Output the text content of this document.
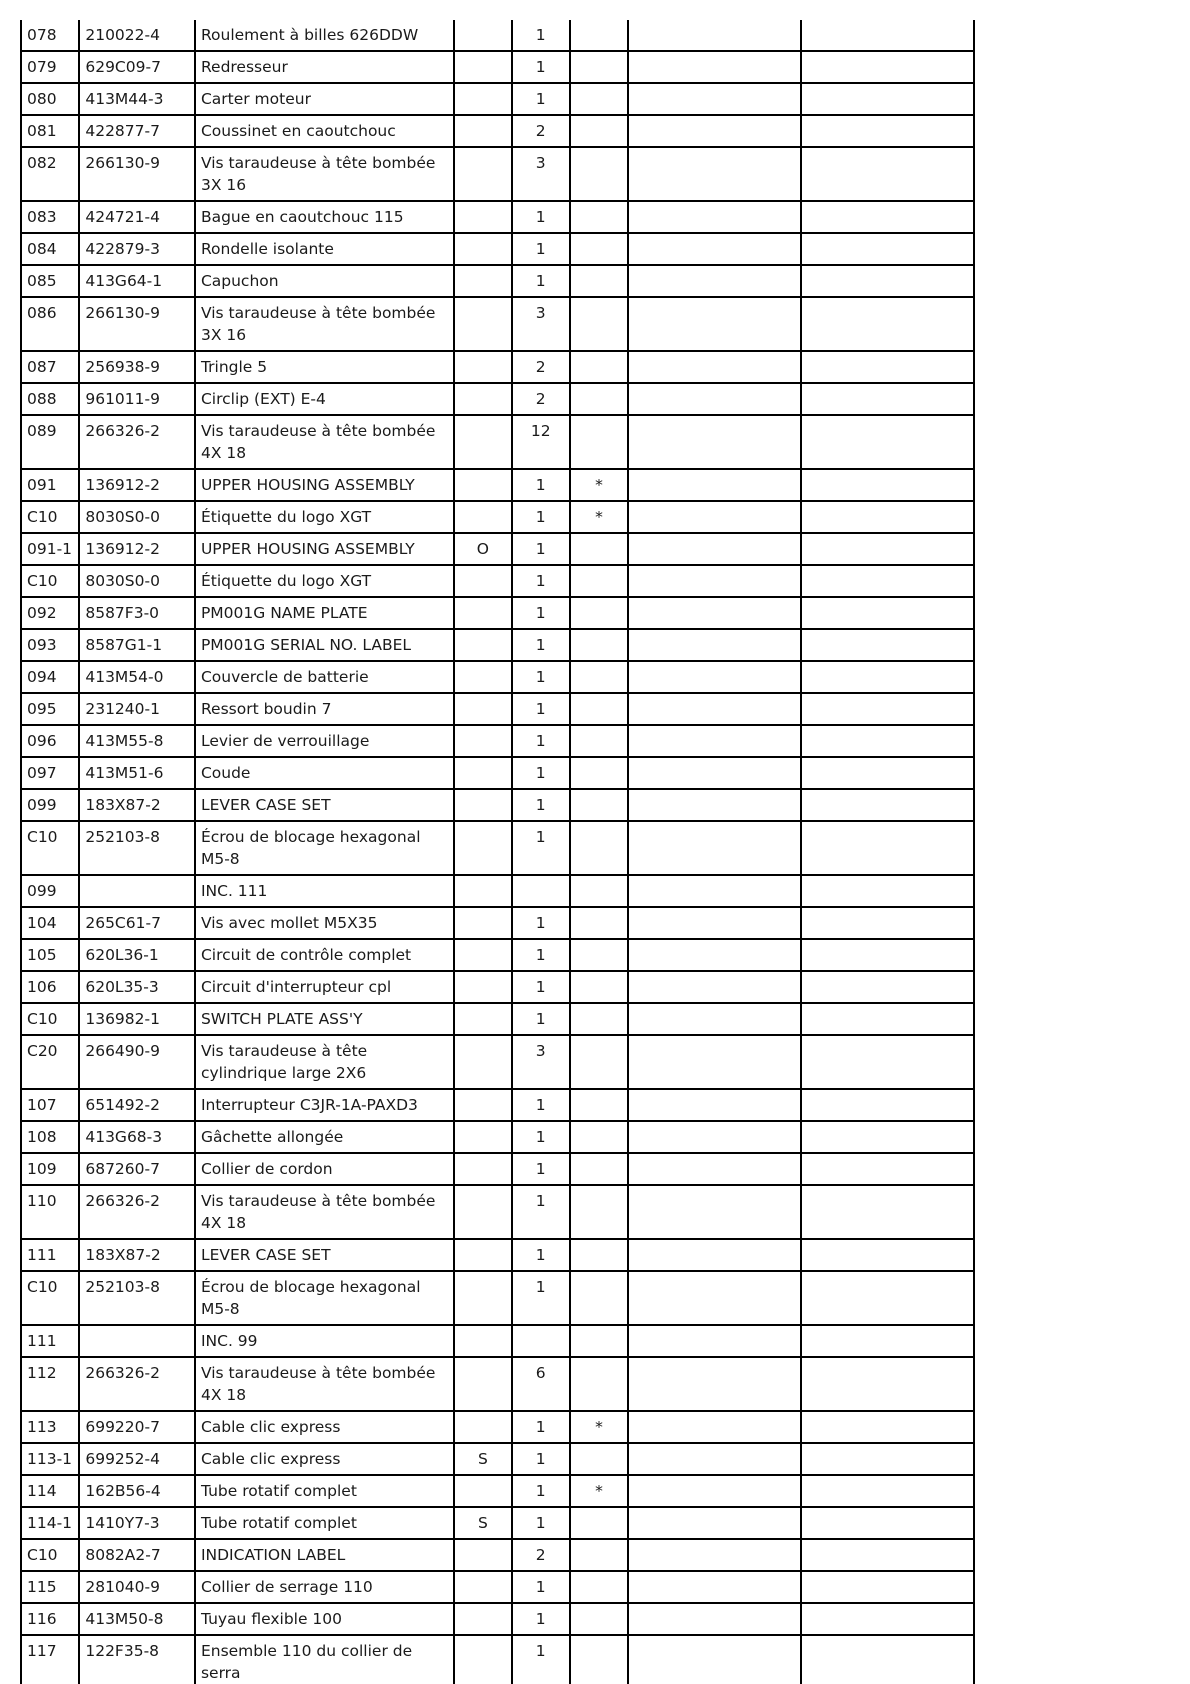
078	210022-4	Roulement à billes 626DDW		1			
079	629C09-7	Redresseur		1			
080	413M44-3	Carter moteur		1			
081	422877-7	Coussinet en caoutchouc		2			
082	266130-9	Vis taraudeuse à tête bombée 3X 16		3			
083	424721-4	Bague en caoutchouc 115		1			
084	422879-3	Rondelle isolante		1			
085	413G64-1	Capuchon		1			
086	266130-9	Vis taraudeuse à tête bombée 3X 16		3			
087	256938-9	Tringle 5		2			
088	961011-9	Circlip (EXT) E-4		2			
089	266326-2	Vis taraudeuse à tête bombée 4X 18		12			
091	136912-2	UPPER HOUSING ASSEMBLY		1	*		
C10	8030S0-0	Étiquette du logo XGT		1	*		
091-1	136912-2	UPPER HOUSING ASSEMBLY	O	1			
C10	8030S0-0	Étiquette du logo XGT		1			
092	8587F3-0	PM001G NAME PLATE		1			
093	8587G1-1	PM001G SERIAL NO. LABEL		1			
094	413M54-0	Couvercle de batterie		1			
095	231240-1	Ressort boudin 7		1			
096	413M55-8	Levier de verrouillage		1			
097	413M51-6	Coude		1			
099	183X87-2	LEVER CASE SET		1			
C10	252103-8	Écrou de blocage hexagonal M5-8		1			
099		INC. 111					
104	265C61-7	Vis avec mollet M5X35		1			
105	620L36-1	Circuit de contrôle complet		1			
106	620L35-3	Circuit d'interrupteur cpl		1			
C10	136982-1	SWITCH PLATE ASS'Y		1			
C20	266490-9	Vis taraudeuse à tête cylindrique large 2X6		3			
107	651492-2	Interrupteur C3JR-1A-PAXD3		1			
108	413G68-3	Gâchette allongée		1			
109	687260-7	Collier de cordon		1			
110	266326-2	Vis taraudeuse à tête bombée 4X 18		1			
111	183X87-2	LEVER CASE SET		1			
C10	252103-8	Écrou de blocage hexagonal M5-8		1			
111		INC. 99					
112	266326-2	Vis taraudeuse à tête bombée 4X 18		6			
113	699220-7	Cable clic express		1	*		
113-1	699252-4	Cable clic express	S	1			
114	162B56-4	Tube rotatif complet		1	*		
114-1	1410Y7-3	Tube rotatif complet	S	1			
C10	8082A2-7	INDICATION LABEL		2			
115	281040-9	Collier de serrage 110		1			
116	413M50-8	Tuyau flexible 100		1			
117	122F35-8	Ensemble 110 du collier de serra		1			
